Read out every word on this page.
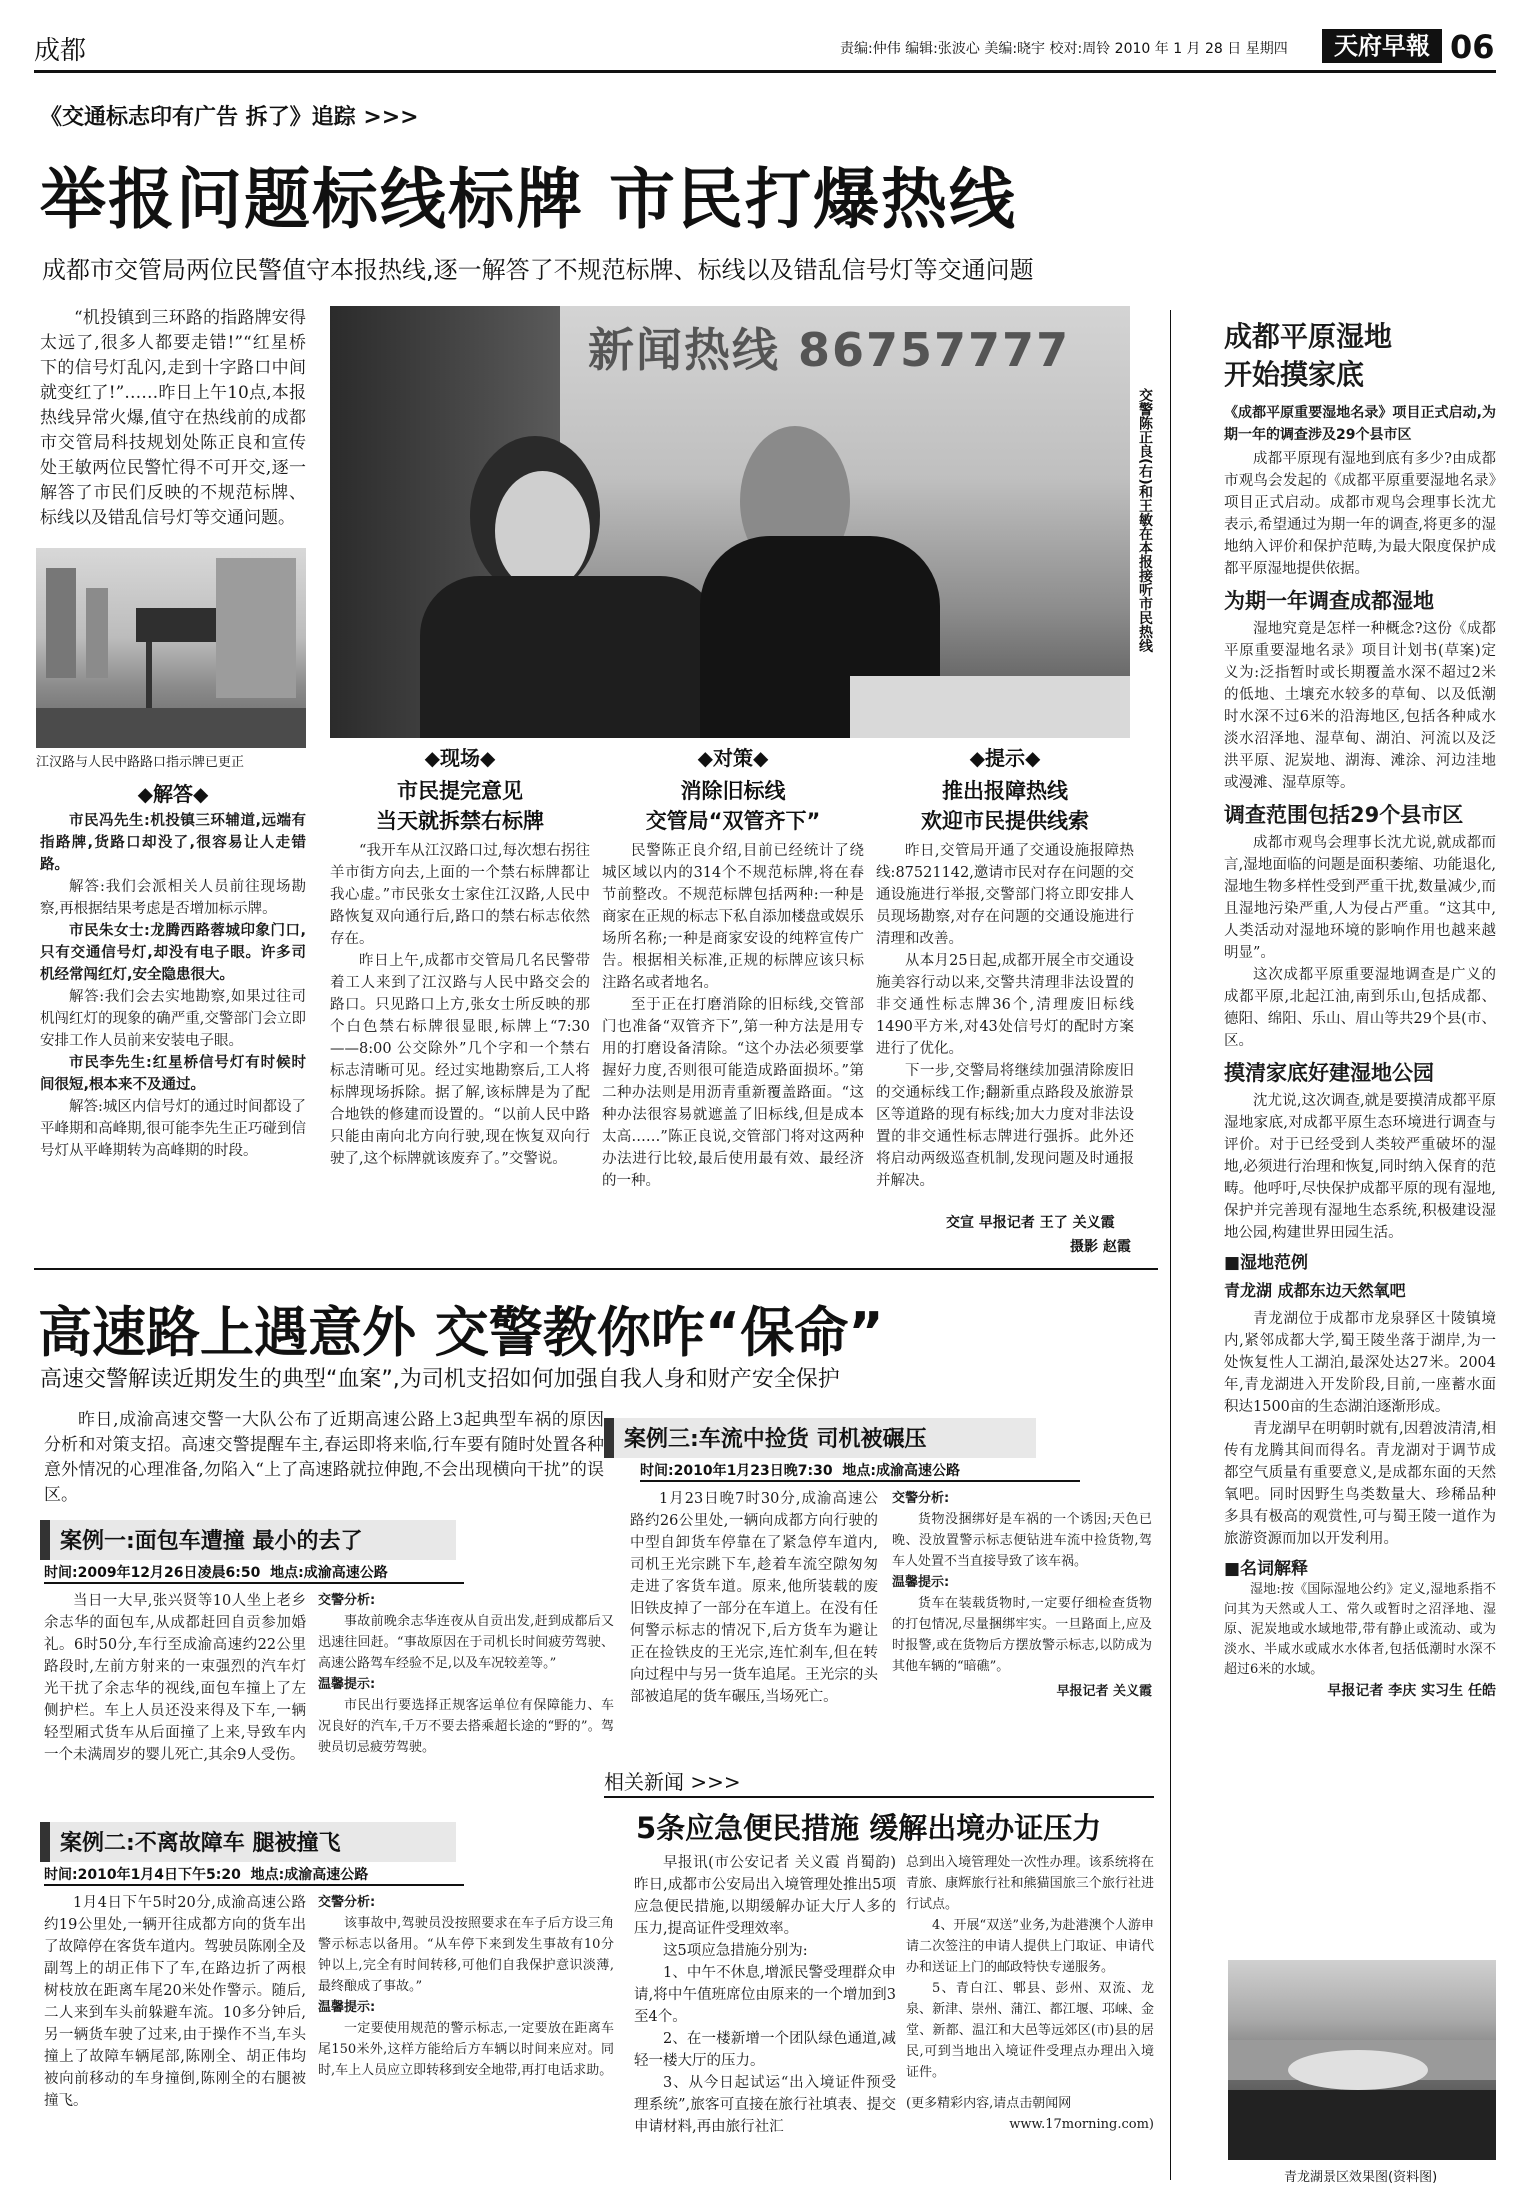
成都	责编:仲伟 编辑:张波心 美编:晓宇 校对:周铃 2010 年 1 月 28 日 星期四	天府早報 06
《交通标志印有广告 拆了》追踪 >>>
举报问题标线标牌 市民打爆热线
成都市交管局两位民警值守本报热线,逐一解答了不规范标牌、标线以及错乱信号灯等交通问题

“机投镇到三环路的指路牌安得太远了,很多人都要走错!”“红星桥下的信号灯乱闪,走到十字路口中间就变红了!”……昨日上午10点,本报热线异常火爆,值守在热线前的成都市交管局科技规划处陈正良和宣传处王敏两位民警忙得不可开交,逐一解答了市民们反映的不规范标牌、标线以及错乱信号灯等交通问题。

江汉路与人民中路路口指示牌已更正
新闻热线 86757777
交警陈正良(右)和王敏在本报接听市民热线
◆解答◆

市民冯先生:机投镇三环辅道,远端有指路牌,货路口却没了,很容易让人走错路。

解答:我们会派相关人员前往现场勘察,再根据结果考虑是否增加标示牌。

市民朱女士:龙腾西路蓉城印象门口,只有交通信号灯,却没有电子眼。许多司机经常闯红灯,安全隐患很大。

解答:我们会去实地勘察,如果过往司机闯红灯的现象的确严重,交警部门会立即安排工作人员前来安装电子眼。

市民李先生:红星桥信号灯有时候时间很短,根本来不及通过。

解答:城区内信号灯的通过时间都设了平峰期和高峰期,很可能李先生正巧碰到信号灯从平峰期转为高峰期的时段。

◆现场◆
市民提完意见
当天就拆禁右标牌

“我开车从江汉路口过,每次想右拐往羊市街方向去,上面的一个禁右标牌都让我心虚。”市民张女士家住江汉路,人民中路恢复双向通行后,路口的禁右标志依然存在。

昨日上午,成都市交管局几名民警带着工人来到了江汉路与人民中路交会的路口。只见路口上方,张女士所反映的那个白色禁右标牌很显眼,标牌上“7:30——8:00 公交除外”几个字和一个禁右标志清晰可见。经过实地勘察后,工人将标牌现场拆除。据了解,该标牌是为了配合地铁的修建而设置的。“以前人民中路只能由南向北方向行驶,现在恢复双向行驶了,这个标牌就该废弃了。”交警说。

◆对策◆
消除旧标线
交管局“双管齐下”

民警陈正良介绍,目前已经统计了绕城区域以内的314个不规范标牌,将在春节前整改。不规范标牌包括两种:一种是商家在正规的标志下私自添加楼盘或娱乐场所名称;一种是商家安设的纯粹宣传广告。根据相关标准,正规的标牌应该只标注路名或者地名。

至于正在打磨消除的旧标线,交管部门也准备“双管齐下”,第一种方法是用专用的打磨设备清除。“这个办法必须要掌握好力度,否则很可能造成路面损坏。”第二种办法则是用沥青重新覆盖路面。“这种办法很容易就遮盖了旧标线,但是成本太高……”陈正良说,交管部门将对这两种办法进行比较,最后使用最有效、最经济的一种。

◆提示◆
推出报障热线
欢迎市民提供线索

昨日,交管局开通了交通设施报障热线:87521142,邀请市民对存在问题的交通设施进行举报,交警部门将立即安排人员现场勘察,对存在问题的交通设施进行清理和改善。

从本月25日起,成都开展全市交通设施美容行动以来,交警共清理非法设置的非交通性标志牌36个,清理废旧标线1490平方米,对43处信号灯的配时方案进行了优化。

下一步,交警局将继续加强清除废旧的交通标线工作;翻新重点路段及旅游景区等道路的现有标线;加大力度对非法设置的非交通性标志牌进行强拆。此外还将启动两级巡查机制,发现问题及时通报并解决。

交宣 早报记者 王了 关义霞
摄影 赵霞
高速路上遇意外 交警教你咋“保命”
高速交警解读近期发生的典型“血案”,为司机支招如何加强自我人身和财产安全保护

昨日,成渝高速交警一大队公布了近期高速公路上3起典型车祸的原因分析和对策支招。高速交警提醒车主,春运即将来临,行车要有随时处置各种意外情况的心理准备,勿陷入“上了高速路就拉伸跑,不会出现横向干扰”的误区。

案例一:面包车遭撞 最小的去了
时间:2009年12月26日凌晨6:50 地点:成渝高速公路

当日一大早,张兴贤等10人坐上老乡余志华的面包车,从成都赶回自贡参加婚礼。6时50分,车行至成渝高速约22公里路段时,左前方射来的一束强烈的汽车灯光干扰了余志华的视线,面包车撞上了左侧护栏。车上人员还没来得及下车,一辆轻型厢式货车从后面撞了上来,导致车内一个未满周岁的婴儿死亡,其余9人受伤。

交警分析:

事故前晚余志华连夜从自贡出发,赶到成都后又迅速往回赶。“事故原因在于司机长时间疲劳驾驶、高速公路驾车经验不足,以及车况较差等。”

温馨提示:

市民出行要选择正规客运单位有保障能力、车况良好的汽车,千万不要去搭乘超长途的“野的”。驾驶员切忌疲劳驾驶。

案例二:不离故障车 腿被撞飞
时间:2010年1月4日下午5:20 地点:成渝高速公路

1月4日下午5时20分,成渝高速公路约19公里处,一辆开往成都方向的货车出了故障停在客货车道内。驾驶员陈刚全及副驾上的胡正伟下了车,在路边折了两根树枝放在距离车尾20米处作警示。随后,二人来到车头前躲避车流。10多分钟后,另一辆货车驶了过来,由于操作不当,车头撞上了故障车辆尾部,陈刚全、胡正伟均被向前移动的车身撞倒,陈刚全的右腿被撞飞。

交警分析:

该事故中,驾驶员没按照要求在车子后方设三角警示标志以备用。“从车停下来到发生事故有10分钟以上,完全有时间转移,可他们自我保护意识淡薄,最终酿成了事故。”

温馨提示:

一定要使用规范的警示标志,一定要放在距离车尾150米外,这样方能给后方车辆以时间来应对。同时,车上人员应立即转移到安全地带,再打电话求助。

案例三:车流中捡货 司机被碾压
时间:2010年1月23日晚7:30 地点:成渝高速公路

1月23日晚7时30分,成渝高速公路约26公里处,一辆向成都方向行驶的中型自卸货车停靠在了紧急停车道内,司机王光宗跳下车,趁着车流空隙匆匆走进了客货车道。原来,他所装载的废旧铁皮掉了一部分在车道上。在没有任何警示标志的情况下,后方货车为避让正在捡铁皮的王光宗,连忙刹车,但在转向过程中与另一货车追尾。王光宗的头部被追尾的货车碾压,当场死亡。

交警分析:

货物没捆绑好是车祸的一个诱因;天色已晚、没放置警示标志便钻进车流中捡货物,驾车人处置不当直接导致了该车祸。

温馨提示:

货车在装载货物时,一定要仔细检查货物的打包情况,尽量捆绑牢实。一旦路面上,应及时报警,或在货物后方摆放警示标志,以防成为其他车辆的“暗礁”。

早报记者 关义霞
相关新闻 >>>
5条应急便民措施 缓解出境办证压力

早报讯(市公安记者 关义霞 肖蜀韵)昨日,成都市公安局出入境管理处推出5项应急便民措施,以期缓解办证大厅人多的压力,提高证件受理效率。

这5项应急措施分别为:

1、中午不休息,增派民警受理群众申请,将中午值班席位由原来的一个增加到3至4个。

2、在一楼新增一个团队绿色通道,减轻一楼大厅的压力。

3、从今日起试运“出入境证件预受理系统”,旅客可直接在旅行社填表、提交申请材料,再由旅行社汇

总到出入境管理处一次性办理。该系统将在青旅、康辉旅行社和熊猫国旅三个旅行社进行试点。

4、开展“双送”业务,为赴港澳个人游申请二次签注的申请人提供上门取证、申请代办和送证上门的邮政特快专递服务。

5、青白江、郫县、彭州、双流、龙泉、新津、崇州、蒲江、都江堰、邛崃、金堂、新都、温江和大邑等远郊区(市)县的居民,可到当地出入境证件受理点办理出入境证件。

(更多精彩内容,请点击朝闻网

www.17morning.com)

成都平原湿地
开始摸家底
《成都平原重要湿地名录》项目正式启动,为期一年的调查涉及29个县市区

成都平原现有湿地到底有多少?由成都市观鸟会发起的《成都平原重要湿地名录》项目正式启动。成都市观鸟会理事长沈尤表示,希望通过为期一年的调查,将更多的湿地纳入评价和保护范畴,为最大限度保护成都平原湿地提供依据。

为期一年调查成都湿地

湿地究竟是怎样一种概念?这份《成都平原重要湿地名录》项目计划书(草案)定义为:泛指暂时或长期覆盖水深不超过2米的低地、土壤充水较多的草甸、以及低潮时水深不过6米的沿海地区,包括各种咸水淡水沼泽地、湿草甸、湖泊、河流以及泛洪平原、泥炭地、湖海、滩涂、河边洼地或漫滩、湿草原等。

调查范围包括29个县市区

成都市观鸟会理事长沈尤说,就成都而言,湿地面临的问题是面积萎缩、功能退化,湿地生物多样性受到严重干扰,数量减少,而且湿地污染严重,人为侵占严重。“这其中,人类活动对湿地环境的影响作用也越来越明显”。

这次成都平原重要湿地调查是广义的成都平原,北起江油,南到乐山,包括成都、德阳、绵阳、乐山、眉山等共29个县(市、区。

摸清家底好建湿地公园

沈尤说,这次调查,就是要摸清成都平原湿地家底,对成都平原生态环境进行调查与评价。对于已经受到人类较严重破坏的湿地,必须进行治理和恢复,同时纳入保育的范畴。他呼吁,尽快保护成都平原的现有湿地,保护并完善现有湿地生态系统,积极建设湿地公园,构建世界田园生活。

■湿地范例
青龙湖 成都东边天然氧吧

青龙湖位于成都市龙泉驿区十陵镇境内,紧邻成都大学,蜀王陵坐落于湖岸,为一处恢复性人工湖泊,最深处达27米。2004年,青龙湖进入开发阶段,目前,一座蓄水面积达1500亩的生态湖泊逐渐形成。

青龙湖早在明朝时就有,因碧波清清,相传有龙腾其间而得名。青龙湖对于调节成都空气质量有重要意义,是成都东面的天然氧吧。同时因野生鸟类数量大、珍稀品种多具有极高的观赏性,可与蜀王陵一道作为旅游资源而加以开发利用。

■名词解释

湿地:按《国际湿地公约》定义,湿地系指不问其为天然或人工、常久或暂时之沼泽地、湿原、泥炭地或水域地带,带有静止或流动、或为淡水、半咸水或咸水水体者,包括低潮时水深不超过6米的水域。

早报记者 李庆 实习生 任皓
青龙湖景区效果图(资料图)
